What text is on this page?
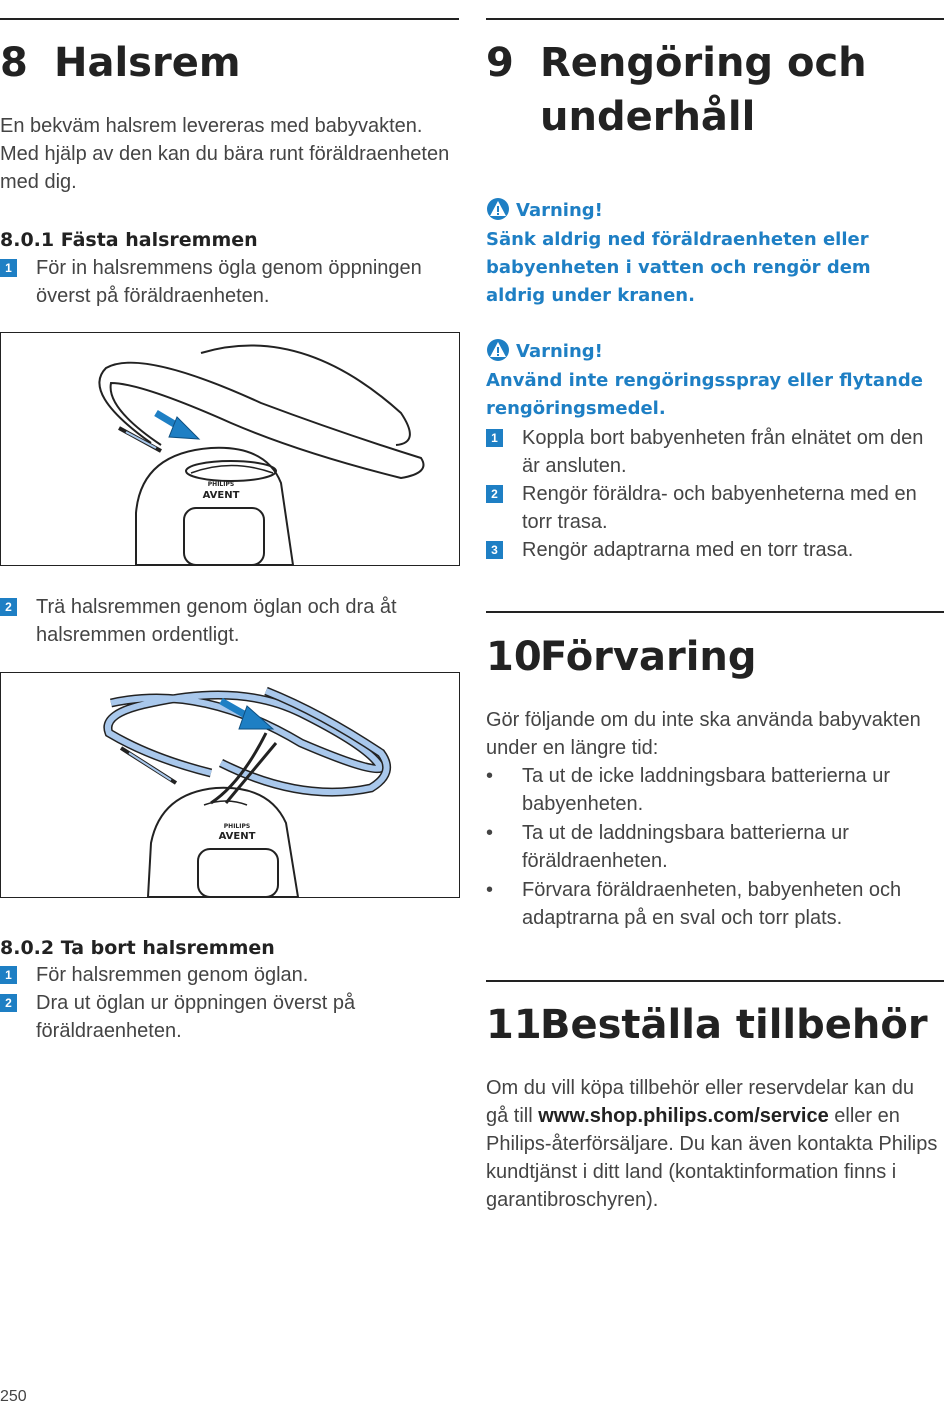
8 Halsrem

En bekväm halsrem levereras med babyvakten. Med hjälp av den kan du bära runt föräldraenheten med dig.

8.0.1 Fästa halsremmen

1 För in halsremmens ögla genom öppningen överst på föräldraenheten.
PHILIPS
AVENT
2 Trä halsremmen genom öglan och dra åt halsremmen ordentligt.
PHILIPS
AVENT

8.0.2 Ta bort halsremmen

1 För halsremmen genom öglan.
2 Dra ut öglan ur öppningen överst på föräldraenheten.
9 Rengöring och
underhåll

Varning!

Sänk aldrig ned föräldraenheten eller babyenheten i vatten och rengör dem aldrig under kranen.

Varning!

Använd inte rengöringsspray eller flytande rengöringsmedel.

1 Koppla bort babyenheten från elnätet om den är ansluten.
2 Rengör föräldra- och babyenheterna med en torr trasa.
3 Rengör adaptrarna med en torr trasa.
10Förvaring

Gör följande om du inte ska använda babyvakten under en längre tid:

• Ta ut de icke laddningsbara batterierna ur babyenheten.
• Ta ut de laddningsbara batterierna ur föräldraenheten.
• Förvara föräldraenheten, babyenheten och adaptrarna på en sval och torr plats.
11Beställa tillbehör

Om du vill köpa tillbehör eller reservdelar kan du gå till www.shop.philips.com/service eller en Philips-återförsäljare. Du kan även kontakta Philips kundtjänst i ditt land (kontaktinformation finns i garantibroschyren).

250
